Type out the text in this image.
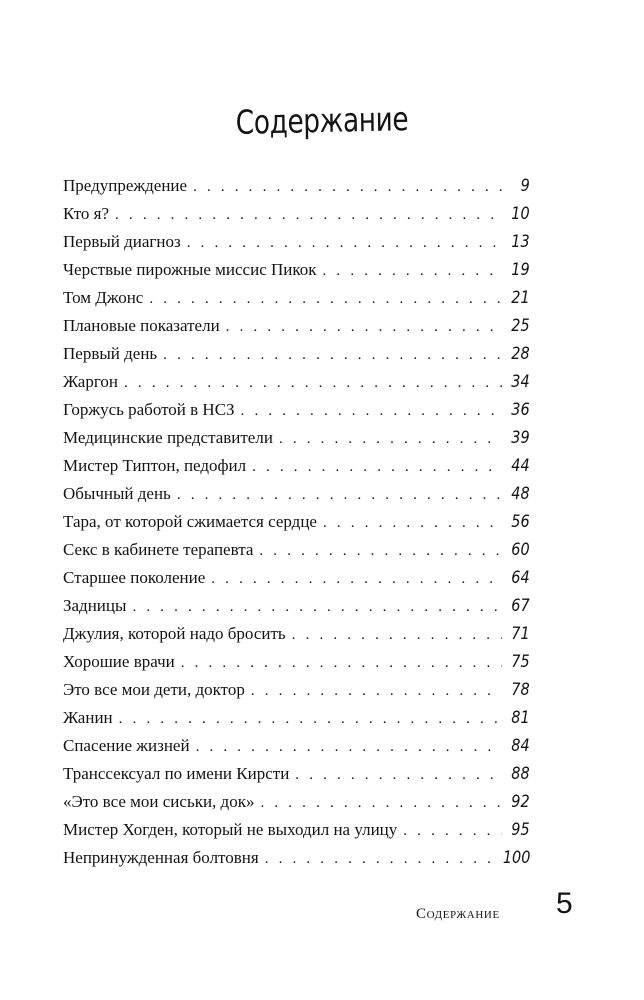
Содержание
Предупреждение . . .	9
Кто я? . . .	10
Первый диагноз . . .	13
Черствые пирожные миссис Пикок . . .	19
Том Джонс . . .	21
Плановые показатели . . .	25
Первый день . . .	28
Жаргон . . .	34
Горжусь работой в НСЗ . . .	36
Медицинские представители . . .	39
Мистер Типтон, педофил . . .	44
Обычный день . . .	48
Тара, от которой сжимается сердце . . .	56
Секс в кабинете терапевта . . .	60
Старшее поколение . . .	64
Задницы . . .	67
Джулия, которой надо бросить . . .	71
Хорошие врачи . . .	75
Это все мои дети, доктор . . .	78
Жанин . . .	81
Спасение жизней . . .	84
Транссексуал по имени Кирсти . . .	88
«Это все мои сиськи, док» . . .	92
Мистер Хогден, который не выходил на улицу . . .	95
Непринужденная болтовня . . .	100
Содержание 5
